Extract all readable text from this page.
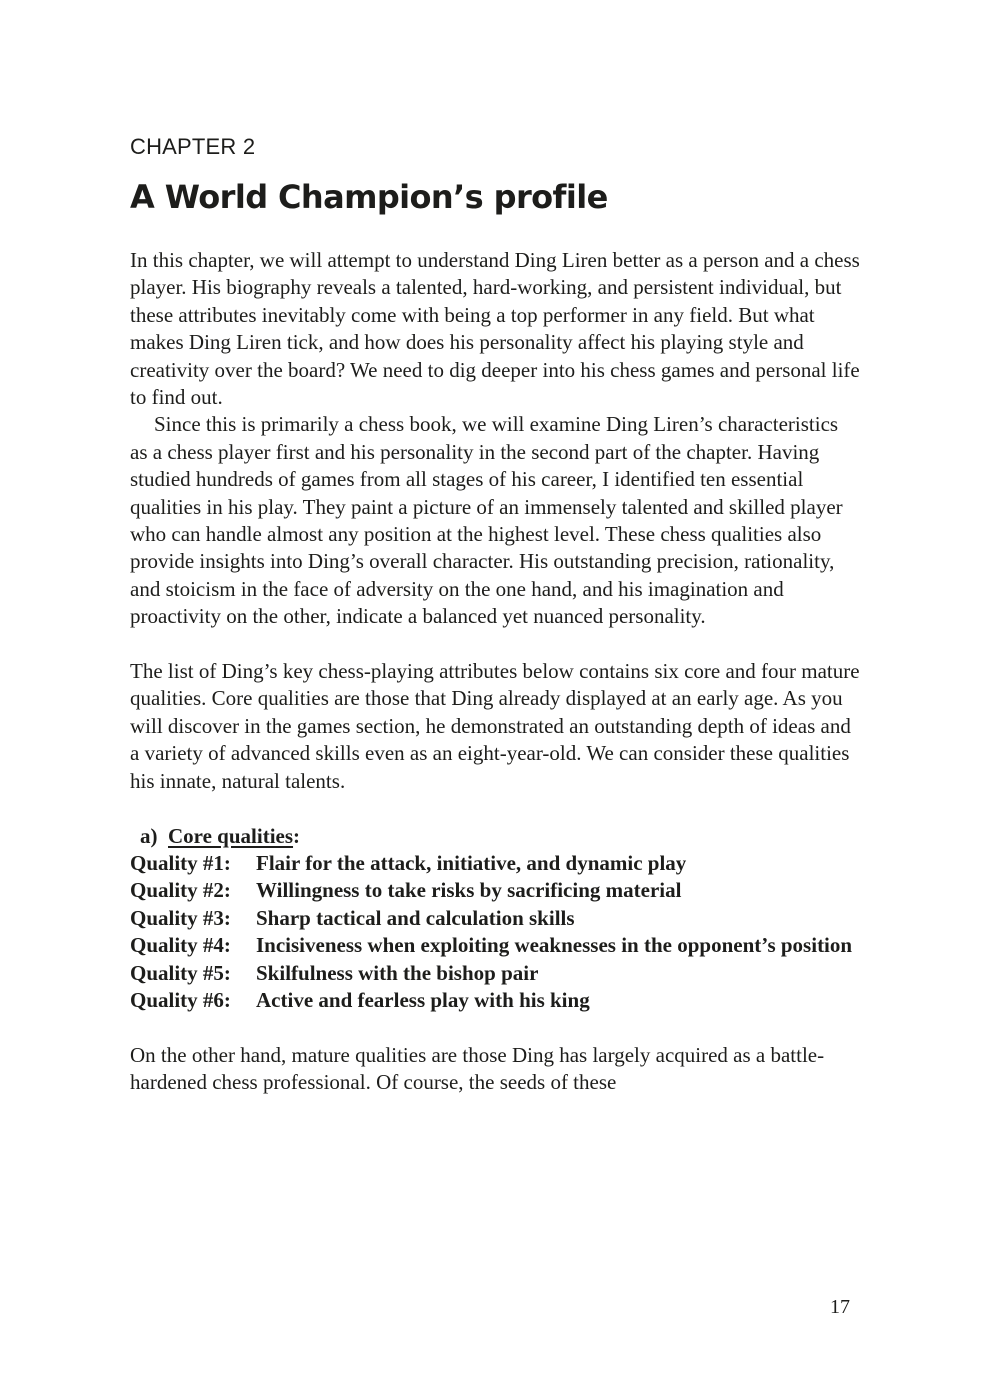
CHAPTER 2
A World Champion’s profile

In this chapter, we will attempt to understand Ding Liren better as a person and a chess player. His biography reveals a talented, hard-working, and persistent individual, but these attributes inevitably come with being a top performer in any field. But what makes Ding Liren tick, and how does his personality affect his playing style and creativity over the board? We need to dig deeper into his chess games and personal life to find out.

Since this is primarily a chess book, we will examine Ding Liren’s characteristics as a chess player first and his personality in the second part of the chapter. Having studied hundreds of games from all stages of his career, I identified ten essential qualities in his play. They paint a picture of an immensely talented and skilled player who can handle almost any position at the highest level. These chess qualities also provide insights into Ding’s overall character. His outstanding precision, rationality, and stoicism in the face of adversity on the one hand, and his imagination and proactivity on the other, indicate a balanced yet nuanced personality.

The list of Ding’s key chess-playing attributes below contains six core and four mature qualities. Core qualities are those that Ding already displayed at an early age. As you will discover in the games section, he demonstrated an outstanding depth of ideas and a variety of advanced skills even as an eight-year-old. We can consider these qualities his innate, natural talents.

a) Core qualities:

Quality #1:	Flair for the attack, initiative, and dynamic play
Quality #2:	Willingness to take risks by sacrificing material
Quality #3:	Sharp tactical and calculation skills
Quality #4:	Incisiveness when exploiting weaknesses in the opponent’s position
Quality #5:	Skilfulness with the bishop pair
Quality #6:	Active and fearless play with his king

On the other hand, mature qualities are those Ding has largely acquired as a battle-hardened chess professional. Of course, the seeds of these

17
